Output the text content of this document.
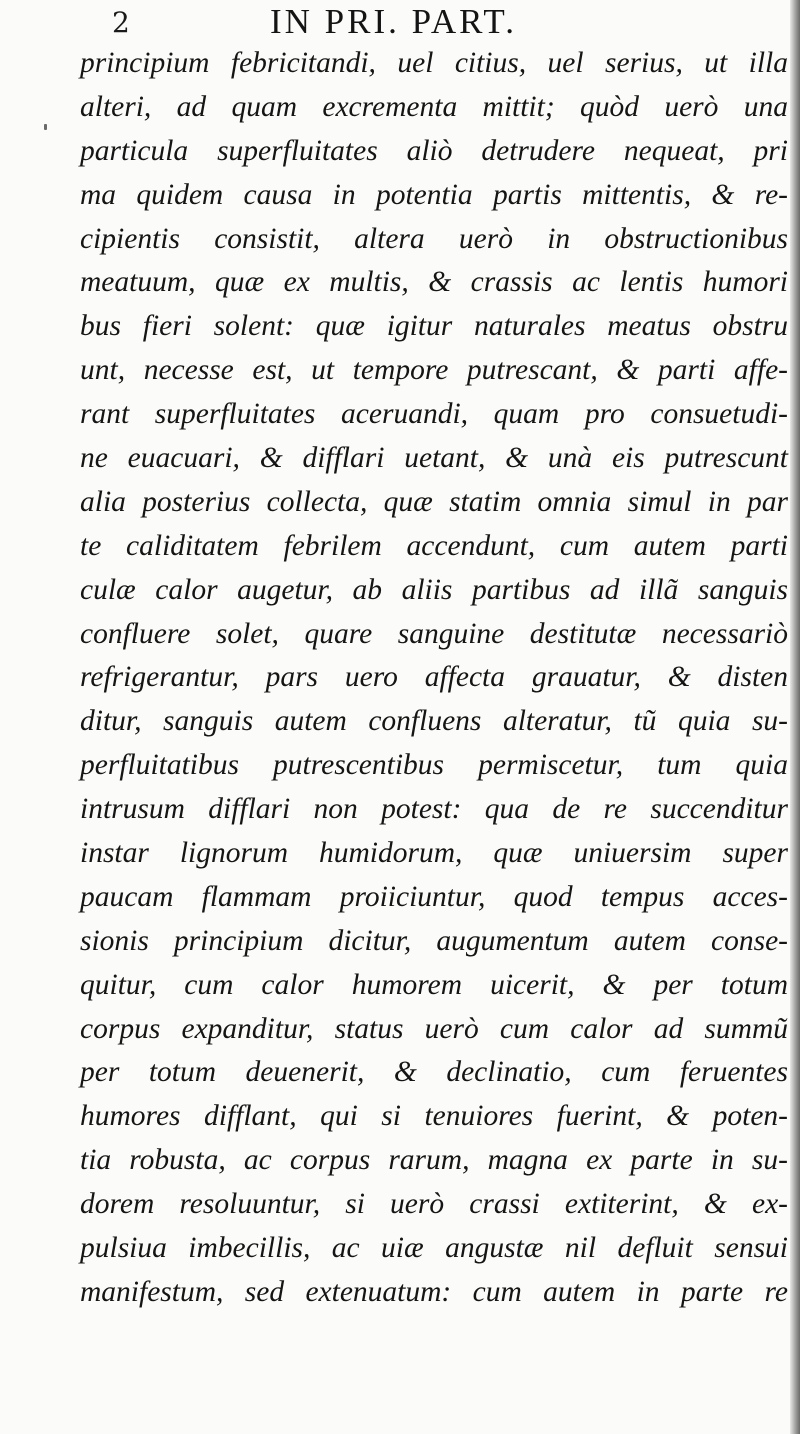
2	IN PRI. PART.
principium febricitandi, uel citius, uel serius, ut illa
alteri, ad quam excrementa mittit; quòd uerò una
particula superfluitates aliò detrudere nequeat, pri
ma quidem causa in potentia partis mittentis, & re-
cipientis consistit, altera uerò in obstructionibus
meatuum, quæ ex multis, & crassis ac lentis humori
bus fieri solent: quæ igitur naturales meatus obstru
unt, necesse est, ut tempore putrescant, & parti affe-
rant superfluitates aceruandi, quam pro consuetudi-
ne euacuari, & difflari uetant, & unà eis putrescunt
alia posterius collecta, quæ statim omnia simul in par
te caliditatem febrilem accendunt, cum autem parti
culæ calor augetur, ab aliis partibus ad illã sanguis
confluere solet, quare sanguine destitutæ necessariò
refrigerantur, pars uero affecta grauatur, & disten
ditur, sanguis autem confluens alteratur, tũ quia su-
perfluitatibus putrescentibus permiscetur, tum quia
intrusum difflari non potest: qua de re succenditur
instar lignorum humidorum, quæ uniuersim super
paucam flammam proiiciuntur, quod tempus acces-
sionis principium dicitur, augumentum autem conse-
quitur, cum calor humorem uicerit, & per totum
corpus expanditur, status uerò cum calor ad summũ
per totum deuenerit, & declinatio, cum feruentes
humores difflant, qui si tenuiores fuerint, & poten-
tia robusta, ac corpus rarum, magna ex parte in su-
dorem resoluuntur, si uerò crassi extiterint, & ex-
pulsiua imbecillis, ac uiæ angustæ nil defluit sensui
manifestum, sed extenuatum: cum autem in parte re
